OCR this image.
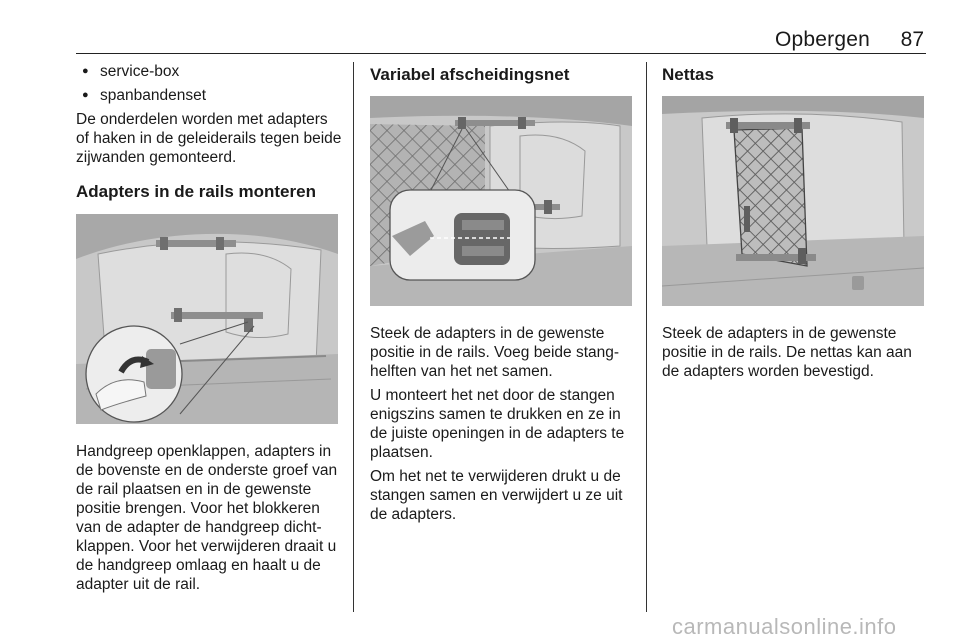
Opbergen 87
● service-box
● spanbandenset

De onderdelen worden met adapters of haken in de geleiderails tegen beide zijwanden gemonteerd.

Adapters in de rails monteren

Handgreep openklappen, adapters in de bovenste en de onderste groef van de rail plaatsen en in de gewenste positie brengen. Voor het blokkeren van de adapter de handgreep dicht-klappen. Voor het verwijderen draait u de handgreep omlaag en haalt u de adapter uit de rail.

Variabel afscheidingsnet

Steek de adapters in de gewenste positie in de rails. Voeg beide stang-helften van het net samen.

U monteert het net door de stangen enigszins samen te drukken en ze in de juiste openingen in de adapters te plaatsen.

Om het net te verwijderen drukt u de stangen samen en verwijdert u ze uit de adapters.

Nettas

Steek de adapters in de gewenste positie in de rails. De nettas kan aan de adapters worden bevestigd.

carmanualsonline.info
